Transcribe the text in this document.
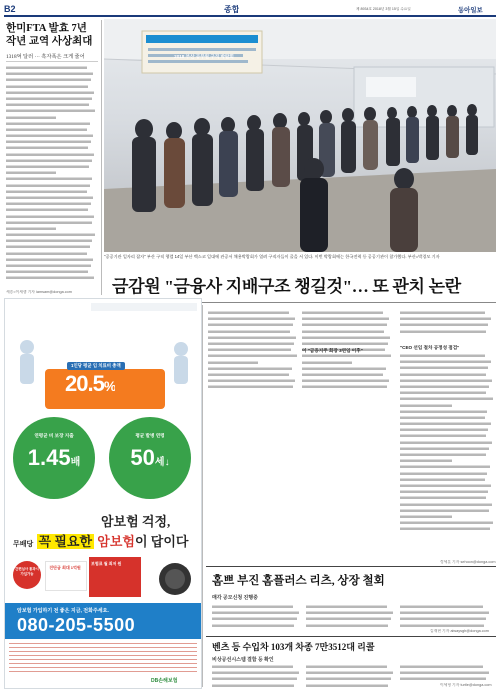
B2	종합	제 8934호 2018년 3월 15일 수요일	동아일보
한미FTA 발효 7년
작년 교역 사상최대
1318억 달러 ··· 흑자폭은 크게 줄어
세종=이새샘 기자 iamsam@donga.com
2018 부산 공무원 구직 박람회
"공공기관 일자리 잡자" 부산 구직 행렬 14일 부산 벡스코 일대에 관공서 채용박람회가 열려 구직자들이 줄을 서 있다. 이번 박람회에는 한국전력 등 공공기관이 참가했다. 부산=박경모 기자
금감원 "금융사 지배구조 챙길것"… 또 관치 논란
이 "금융지주 회장 3연임 이후"
"CEO 선임 절차 공정성 점검"
정세훈 기자 sehoon@donga.com
1인당 평균 임 치료비 총액
20.5%
연평균 비 보장 지출
1.45배
평균 발병 연령
50세↓
암보험 걱정,
무배당 꼭 필요한 암보험이 답이다
간편심사 통과시 가입가능
진단금 최대 1억원
보험료 월 최저 원
암보험 가입하기 전 좋은 지금, 전화주세요.
080-205-5500
DB손해보험
홈쁘 부진 홈플러스 리츠, 상장 철회
매각 공모신청 진행중
김재현 기자 alwaysgh@donga.com
벤츠 등 수입차 103개 차종 7만3512대 리콜
비상공선시스템 결함 등 확인
이세형 기자 turtle@donga.com
